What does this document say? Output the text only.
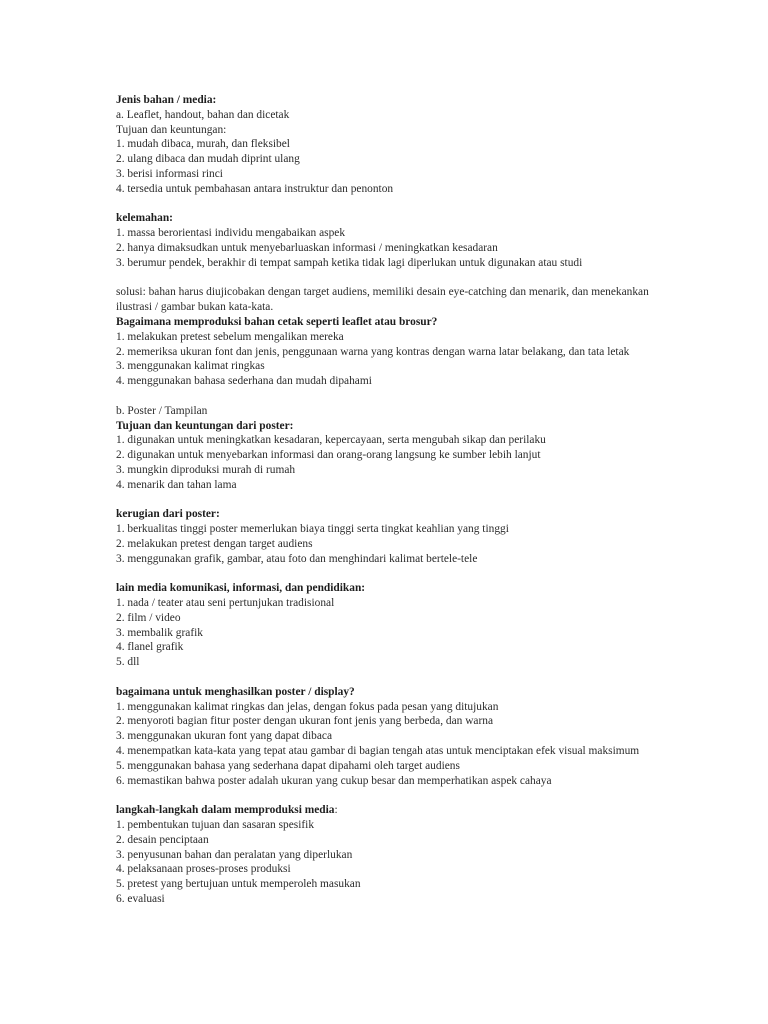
Jenis bahan / media:
a. Leaflet, handout, bahan dan dicetak
Tujuan dan keuntungan:
1. mudah dibaca, murah, dan fleksibel
2. ulang dibaca dan mudah diprint ulang
3. berisi informasi rinci
4. tersedia untuk pembahasan antara instruktur dan penonton
kelemahan:
1. massa berorientasi individu mengabaikan aspek
2. hanya dimaksudkan untuk menyebarluaskan informasi / meningkatkan kesadaran
3. berumur pendek, berakhir di tempat sampah ketika tidak lagi diperlukan untuk digunakan atau studi
solusi: bahan harus diujicobakan dengan target audiens, memiliki desain eye-catching dan menarik, dan menekankan ilustrasi / gambar bukan kata-kata.
Bagaimana memproduksi bahan cetak seperti leaflet atau brosur?
1. melakukan pretest sebelum mengalikan mereka
2. memeriksa ukuran font dan jenis, penggunaan warna yang kontras dengan warna latar belakang, dan tata letak
3. menggunakan kalimat ringkas
4. menggunakan bahasa sederhana dan mudah dipahami
b. Poster / Tampilan
Tujuan dan keuntungan dari poster:
1. digunakan untuk meningkatkan kesadaran, kepercayaan, serta mengubah sikap dan perilaku
2. digunakan untuk menyebarkan informasi dan orang-orang langsung ke sumber lebih lanjut
3. mungkin diproduksi murah di rumah
4. menarik dan tahan lama
kerugian dari poster:
1. berkualitas tinggi poster memerlukan biaya tinggi serta tingkat keahlian yang tinggi
2. melakukan pretest dengan target audiens
3. menggunakan grafik, gambar, atau foto dan menghindari kalimat bertele-tele
lain media komunikasi, informasi, dan pendidikan:
1. nada / teater atau seni pertunjukan tradisional
2. film / video
3. membalik grafik
4. flanel grafik
5. dll
bagaimana untuk menghasilkan poster / display?
1. menggunakan kalimat ringkas dan jelas, dengan fokus pada pesan yang ditujukan
2. menyoroti bagian fitur poster dengan ukuran font jenis yang berbeda, dan warna
3. menggunakan ukuran font yang dapat dibaca
4. menempatkan kata-kata yang tepat atau gambar di bagian tengah atas untuk menciptakan efek visual maksimum
5. menggunakan bahasa yang sederhana dapat dipahami oleh target audiens
6. memastikan bahwa poster adalah ukuran yang cukup besar dan memperhatikan aspek cahaya
langkah-langkah dalam memproduksi media:
1. pembentukan tujuan dan sasaran spesifik
2. desain penciptaan
3. penyusunan bahan dan peralatan yang diperlukan
4. pelaksanaan proses-proses produksi
5. pretest yang bertujuan untuk memperoleh masukan
6. evaluasi
